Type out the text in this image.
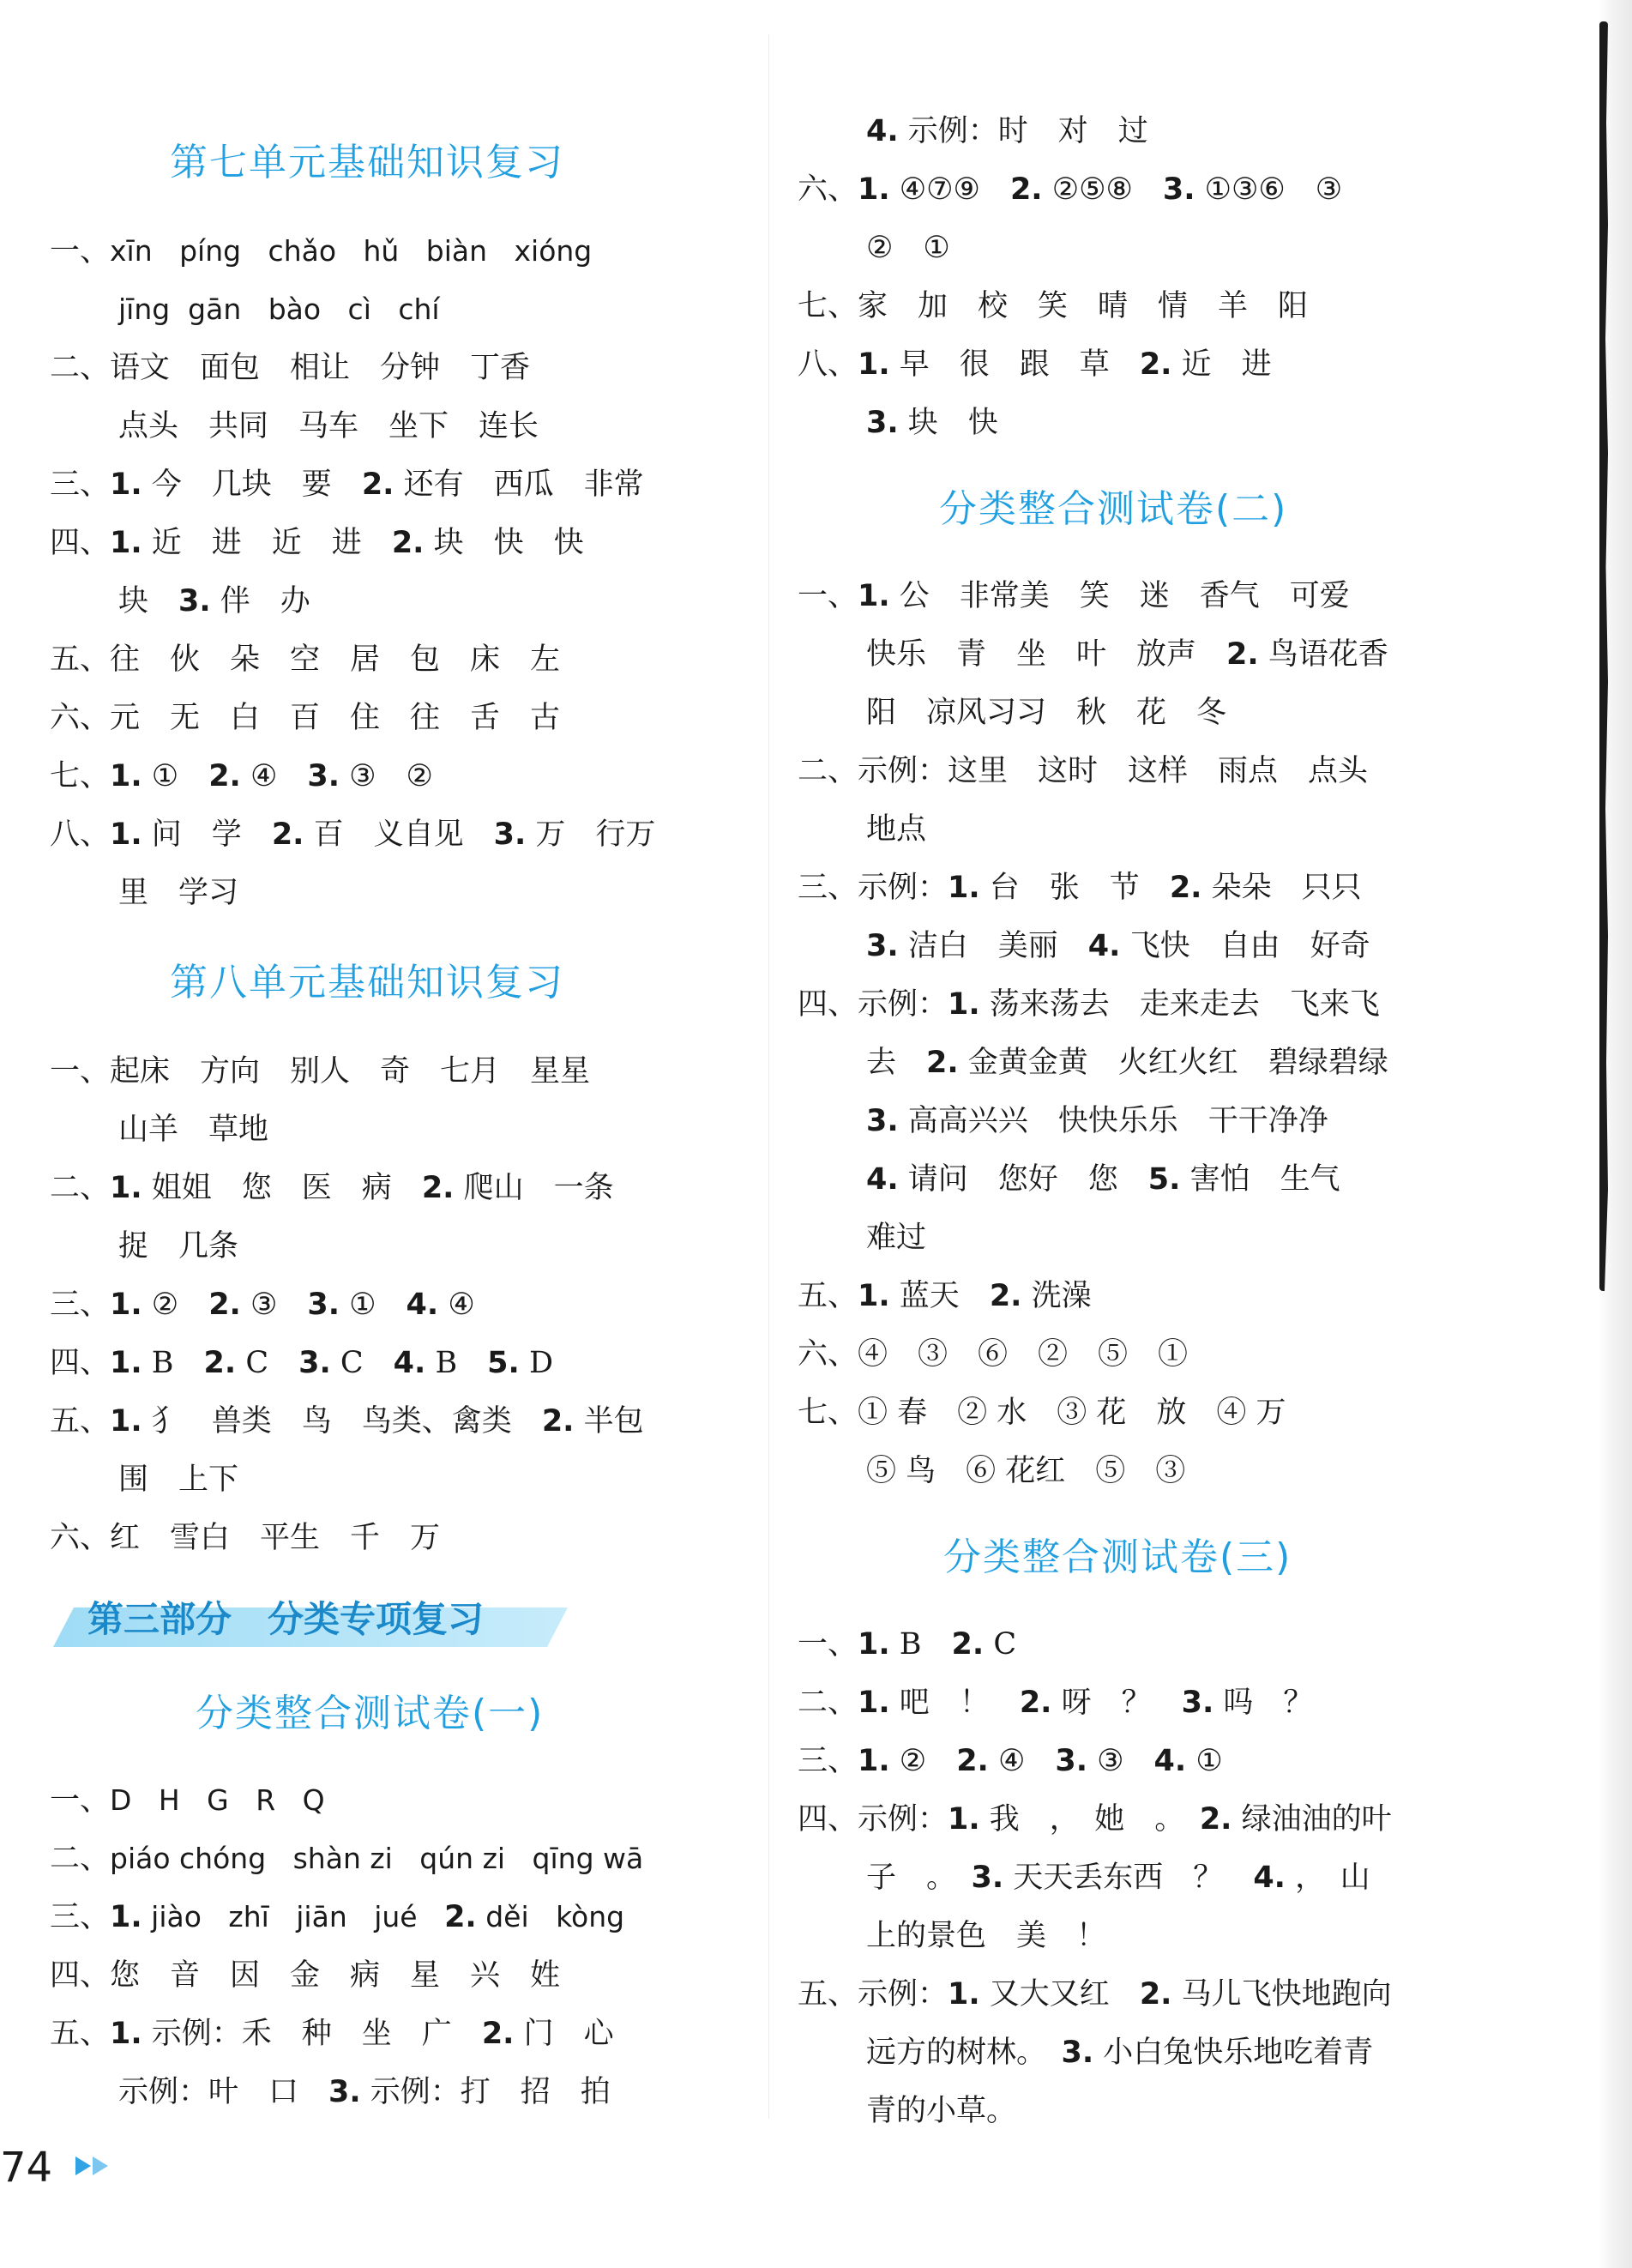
第七单元基础知识复习
一、xīn   píng   chǎo   hǔ   biàn   xióng
jīng  gān   bào   cì   chí
二、语文　面包　相让　分钟　丁香
点头　共同　马车　坐下　连长
三、1. 今　几块　要　2. 还有　西瓜　非常
四、1. 近　进　近　进　2. 块　快　快
块　3. 伴　办
五、往　伙　朵　空　居　包　床　左
六、元　无　白　百　住　往　舌　古
七、1. ①　2. ④　3. ③　②
八、1. 问　学　2. 百　义自见　3. 万　行万
里　学习
第八单元基础知识复习
一、起床　方向　别人　奇　七月　星星
山羊　草地
二、1. 姐姐　您　医　病　2. 爬山　一条
捉　几条
三、1. ②　2. ③　3. ①　4. ④
四、1. B　2. C　3. C　4. B　5. D
五、1. 犭　兽类　鸟　鸟类、禽类　2. 半包
围　上下
六、红　雪白　平生　千　万
分类整合测试卷(一)
一、D   H   G   R   Q
二、piáo chóng   shàn zi   qún zi   qīng wā
三、1. jiào   zhī   jiān   jué   2. děi   kòng
四、您　音　因　金　病　星　兴　姓
五、1. 示例：禾　种　坐　广　2. 门　心
示例：叶　口　3. 示例：打　招　拍
4. 示例：时　对　过
六、1. ④⑦⑨　2. ②⑤⑧　3. ①③⑥　③
②　①
七、家　加　校　笑　晴　情　羊　阳
八、1. 早　很　跟　草　2. 近　进
3. 块　快
分类整合测试卷(二)
一、1. 公　非常美　笑　迷　香气　可爱
快乐　青　坐　叶　放声　2. 鸟语花香
阳　凉风习习　秋　花　冬
二、示例：这里　这时　这样　雨点　点头
地点
三、示例：1. 台　张　节　2. 朵朵　只只
3. 洁白　美丽　4. 飞快　自由　好奇
四、示例：1. 荡来荡去　走来走去　飞来飞
去　2. 金黄金黄　火红火红　碧绿碧绿
3. 高高兴兴　快快乐乐　干干净净
4. 请问　您好　您　5. 害怕　生气
难过
五、1. 蓝天　2. 洗澡
六、④　③　⑥　②　⑤　①
七、① 春　② 水　③ 花　放　④ 万
⑤ 鸟　⑥ 花红　⑤　③
分类整合测试卷(三)
一、1. B　2. C
二、1. 吧　！　2. 呀　？　3. 吗　？
三、1. ②　2. ④　3. ③　4. ①
四、示例：1. 我　，　她　。　2. 绿油油的叶
子　。　3. 天天丢东西　？　4. ，　山
上的景色　美　！
五、示例：1. 又大又红　2. 马儿飞快地跑向
远方的树林。　3. 小白兔快乐地吃着青
青的小草。
第三部分　分类专项复习
74
